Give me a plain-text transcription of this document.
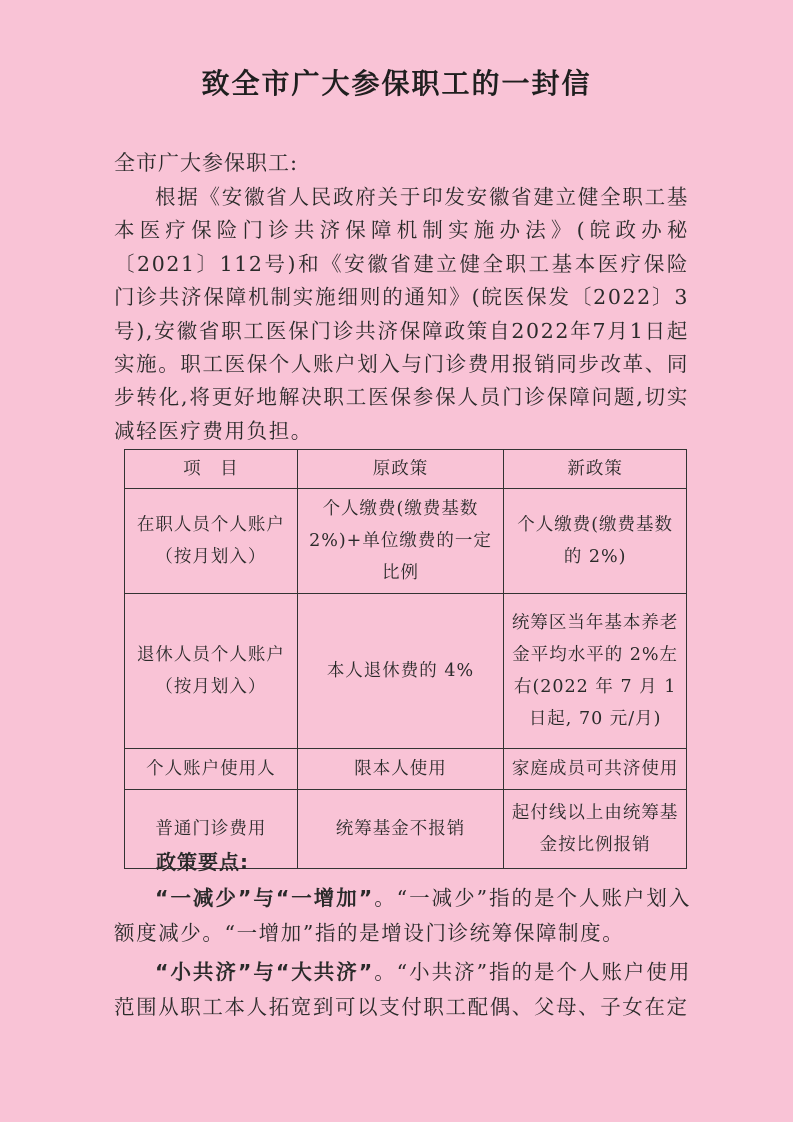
致全市广大参保职工的一封信
全市广大参保职工:
根据《安徽省人民政府关于印发安徽省建立健全职工基本医疗保险门诊共济保障机制实施办法》(皖政办秘〔2021〕112号)和《安徽省建立健全职工基本医疗保险门诊共济保障机制实施细则的通知》(皖医保发〔2022〕3号),安徽省职工医保门诊共济保障政策自2022年7月1日起实施。职工医保个人账户划入与门诊费用报销同步改革、同步转化,将更好地解决职工医保参保人员门诊保障问题,切实减轻医疗费用负担。
项　目	原政策	新政策
在职人员个人账户（按月划入）	个人缴费(缴费基数 2%)+单位缴费的一定比例	个人缴费(缴费基数的 2%)
退休人员个人账户（按月划入）	本人退休费的 4%	统筹区当年基本养老金平均水平的 2%左右(2022 年 7 月 1 日起, 70 元/月)
个人账户使用人	限本人使用	家庭成员可共济使用
普通门诊费用	统筹基金不报销	起付线以上由统筹基金按比例报销
政策要点:
“一减少”与“一增加”。“一减少”指的是个人账户划入额度减少。“一增加”指的是增设门诊统筹保障制度。
“小共济”与“大共济”。“小共济”指的是个人账户使用范围从职工本人拓宽到可以支付职工配偶、父母、子女在定
